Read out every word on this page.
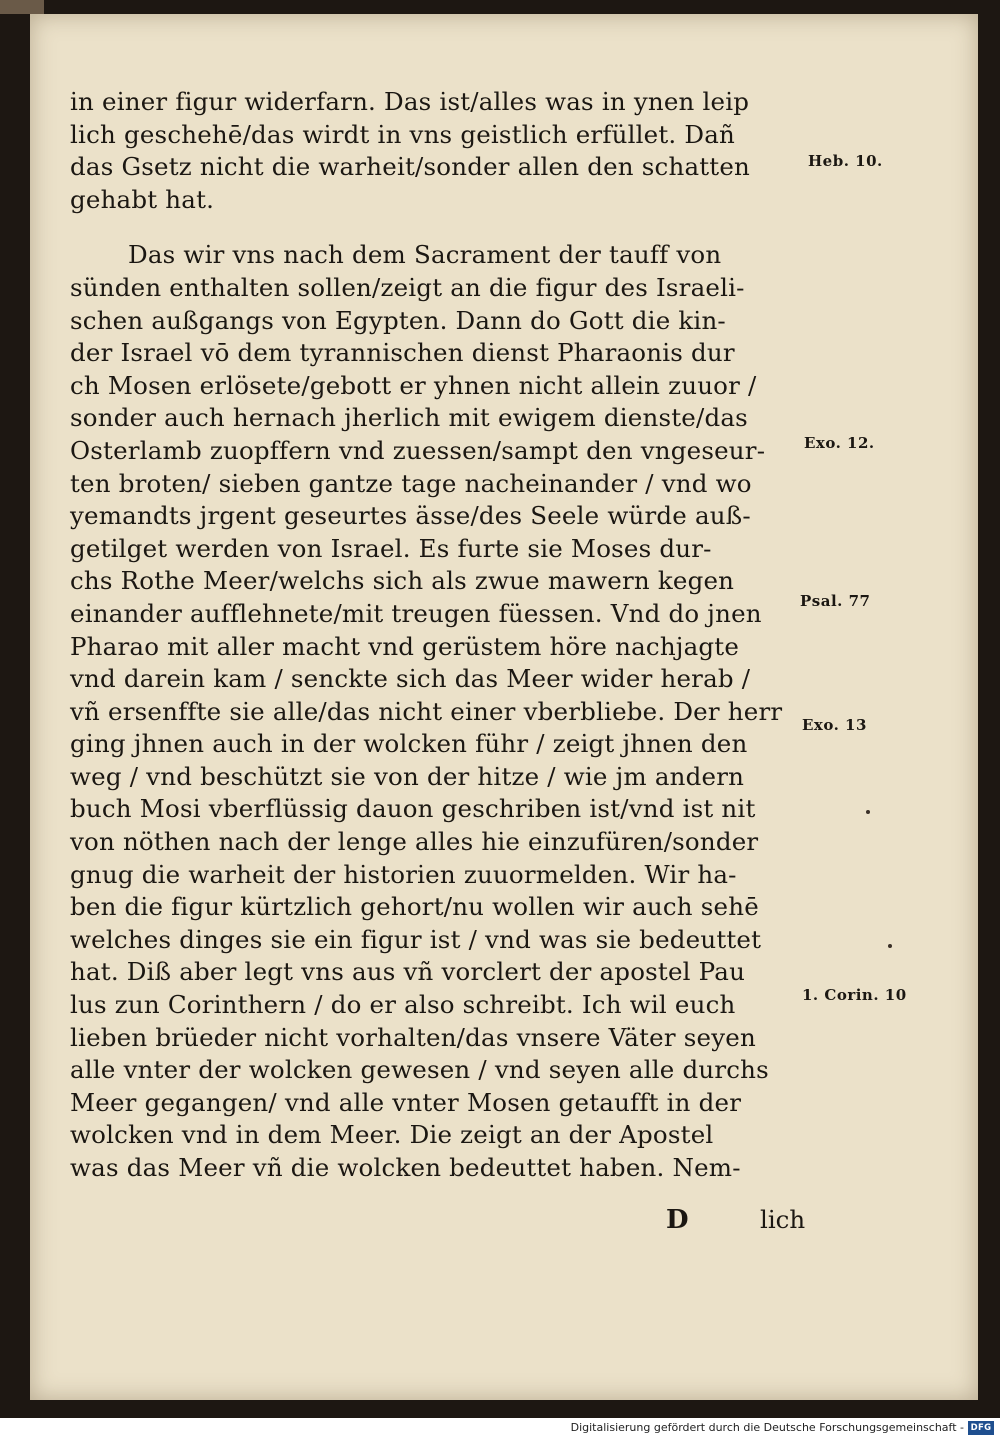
in einer figur widerfarn. Das ist/alles was in ynen leip
lich geschehē/das wirdt in vns geistlich erfüllet. Dañ
das Gsetz nicht die warheit/sonder allen den schatten
gehabt hat.
Das wir vns nach dem Sacrament der tauff von
sünden enthalten sollen/zeigt an die figur des Israeli-
schen außgangs von Egypten. Dann do Gott die kin-
der Israel vō dem tyrannischen dienst Pharaonis dur
ch Mosen erlösete/gebott er yhnen nicht allein zuuor /
sonder auch hernach jherlich mit ewigem dienste/das
Osterlamb zuopffern vnd zuessen/sampt den vngeseur-
ten broten/ sieben gantze tage nacheinander / vnd wo
yemandts jrgent geseurtes ässe/des Seele würde auß-
getilget werden von Israel. Es furte sie Moses dur-
chs Rothe Meer/welchs sich als zwue mawern kegen
einander aufflehnete/mit treugen füessen. Vnd do jnen
Pharao mit aller macht vnd gerüstem höre nachjagte
vnd darein kam / senckte sich das Meer wider herab /
vñ ersenffte sie alle/das nicht einer vberbliebe. Der herr
ging jhnen auch in der wolcken führ / zeigt jhnen den
weg / vnd beschützt sie von der hitze / wie jm andern
buch Mosi vberflüssig dauon geschriben ist/vnd ist nit
von nöthen nach der lenge alles hie einzufüren/sonder
gnug die warheit der historien zuuormelden. Wir ha-
ben die figur kürtzlich gehort/nu wollen wir auch sehē
welches dinges sie ein figur ist / vnd was sie bedeuttet
hat. Diß aber legt vns aus vñ vorclert der apostel Pau
lus zun Corinthern / do er also schreibt. Ich wil euch
lieben brüeder nicht vorhalten/das vnsere Väter seyen
alle vnter der wolcken gewesen / vnd seyen alle durchs
Meer gegangen/ vnd alle vnter Mosen getaufft in der
wolcken vnd in dem Meer. Die zeigt an der Apostel
was das Meer vñ die wolcken bedeuttet haben. Nem-
D	lich
Heb. 10.
Exo. 12.
Psal. 77
Exo. 13
1. Corin. 10
Digitalisierung gefördert durch die Deutsche Forschungsgemeinschaft - DFG
